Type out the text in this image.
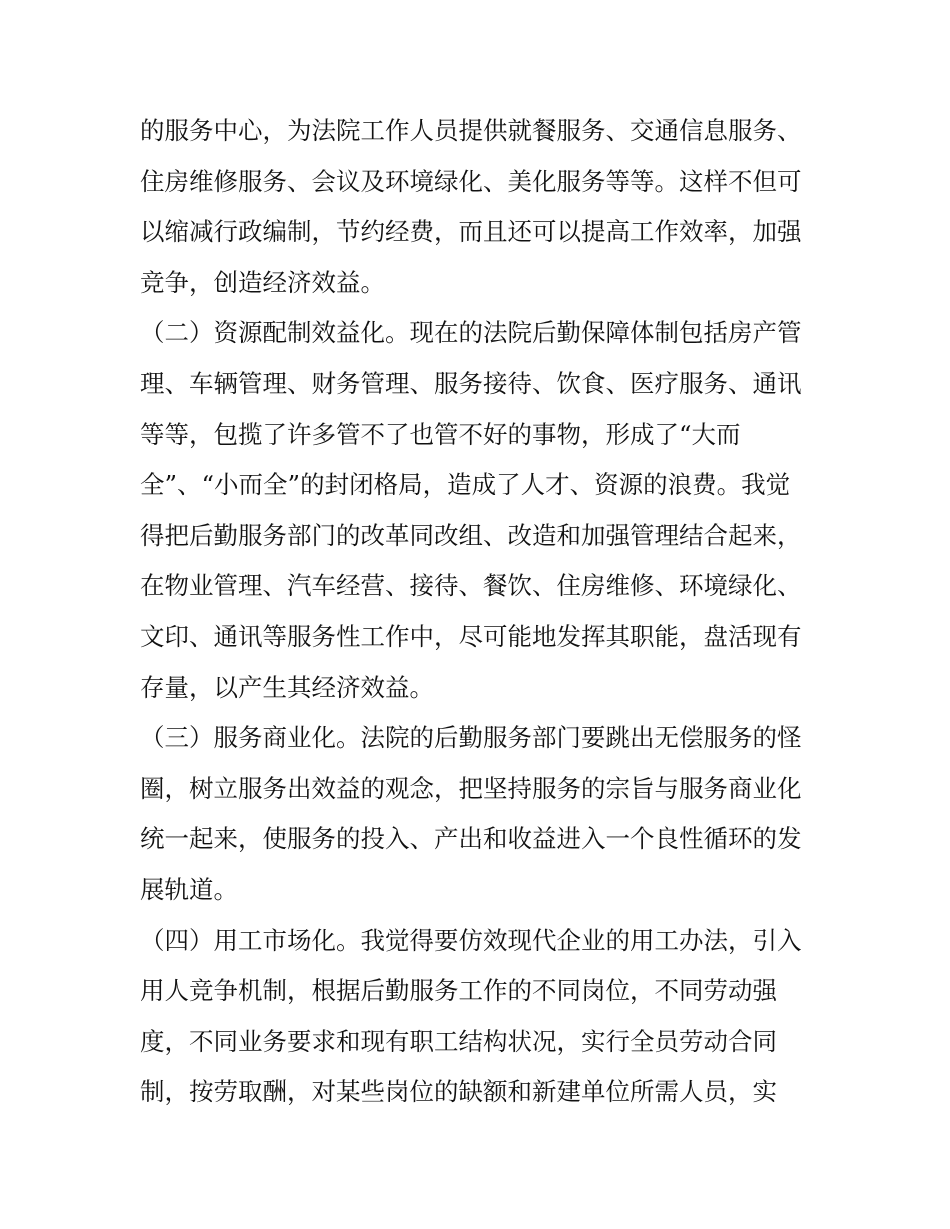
的服务中心，为法院工作人员提供就餐服务、交通信息服务、
住房维修服务、会议及环境绿化、美化服务等等。这样不但可
以缩减行政编制，节约经费，而且还可以提高工作效率，加强
竞争，创造经济效益。
（二）资源配制效益化。现在的法院后勤保障体制包括房产管
理、车辆管理、财务管理、服务接待、饮食、医疗服务、通讯
等等，包揽了许多管不了也管不好的事物，形成了“大而
全”、“小而全”的封闭格局，造成了人才、资源的浪费。我觉
得把后勤服务部门的改革同改组、改造和加强管理结合起来，
在物业管理、汽车经营、接待、餐饮、住房维修、环境绿化、
文印、通讯等服务性工作中，尽可能地发挥其职能，盘活现有
存量，以产生其经济效益。
（三）服务商业化。法院的后勤服务部门要跳出无偿服务的怪
圈，树立服务出效益的观念，把坚持服务的宗旨与服务商业化
统一起来，使服务的投入、产出和收益进入一个良性循环的发
展轨道。
（四）用工市场化。我觉得要仿效现代企业的用工办法，引入
用人竞争机制，根据后勤服务工作的不同岗位，不同劳动强
度，不同业务要求和现有职工结构状况，实行全员劳动合同
制，按劳取酬，对某些岗位的缺额和新建单位所需人员，实
